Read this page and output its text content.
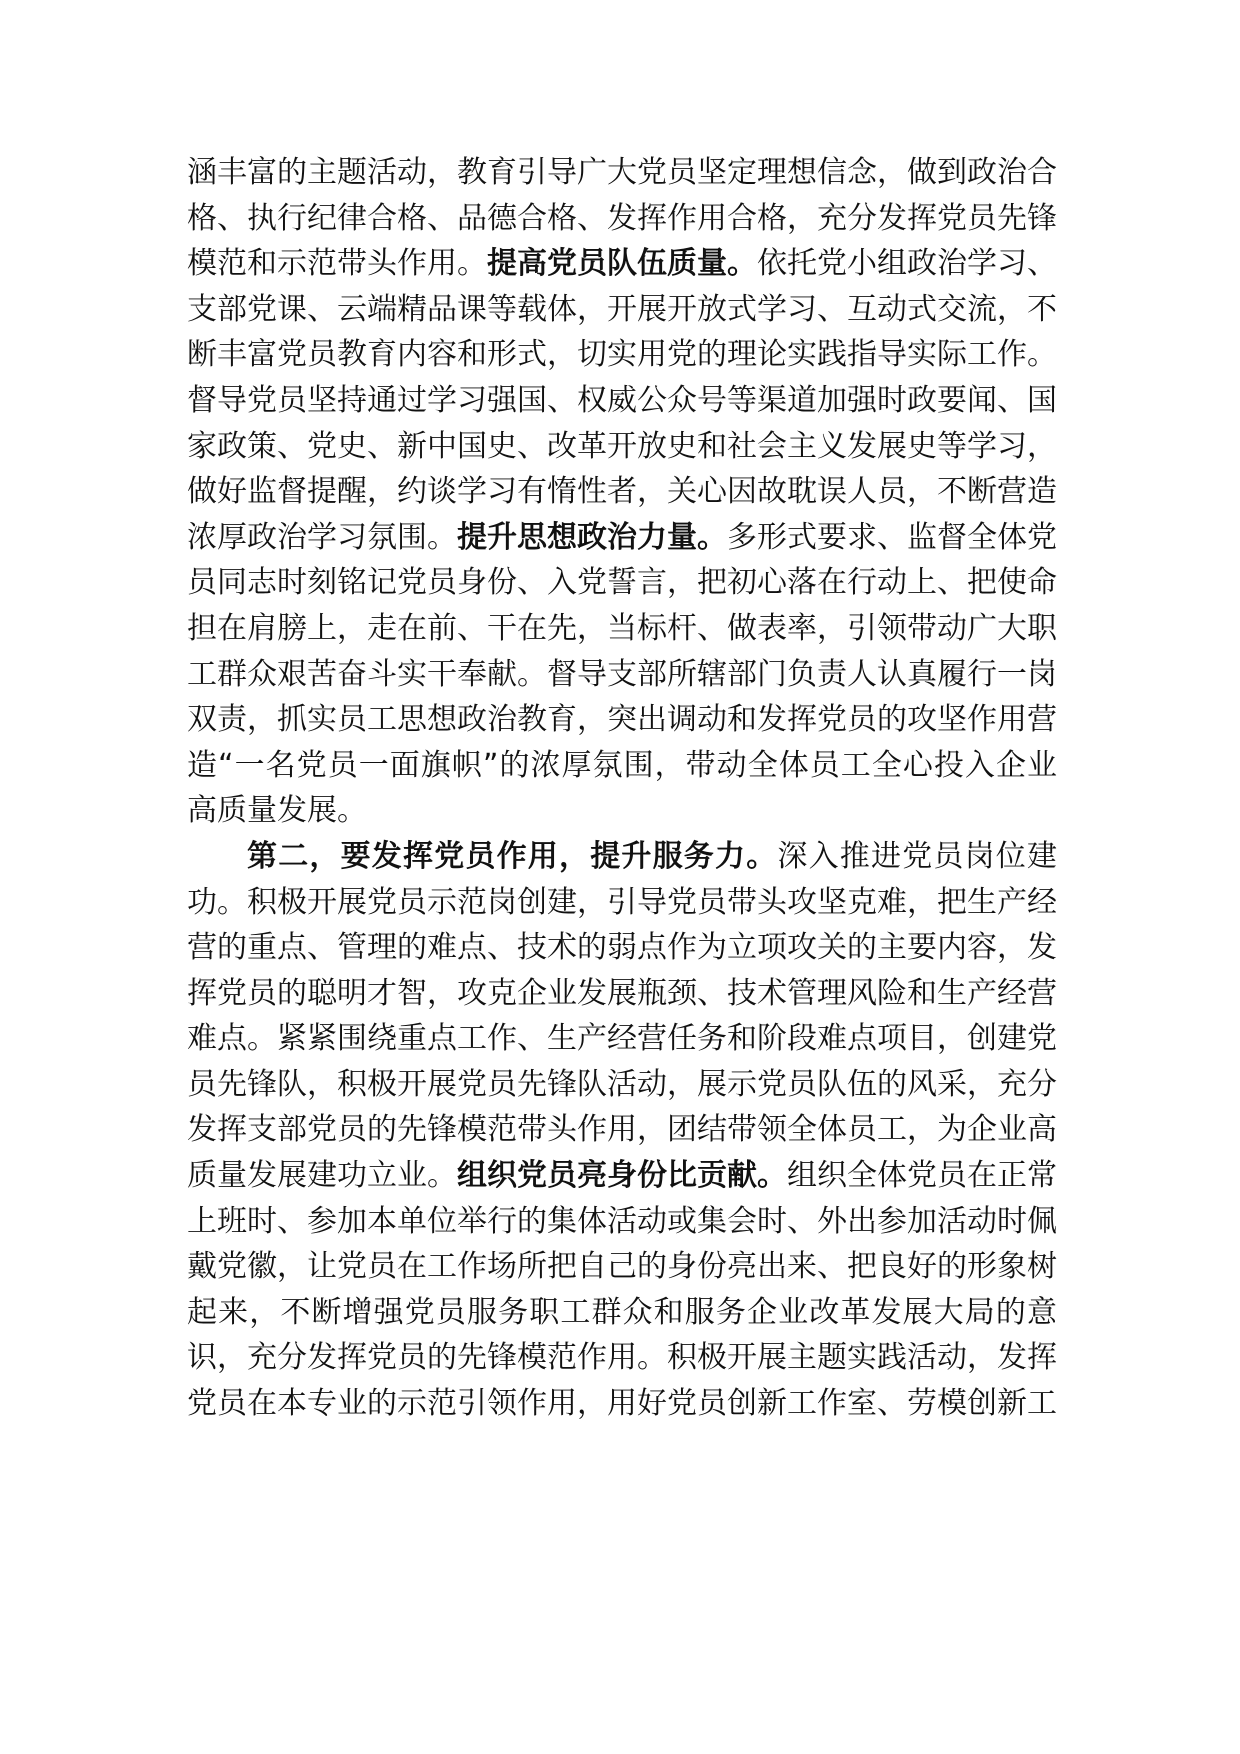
涵丰富的主题活动，教育引导广大党员坚定理想信念，做到政治合格、执行纪律合格、品德合格、发挥作用合格，充分发挥党员先锋模范和示范带头作用。提高党员队伍质量。依托党小组政治学习、支部党课、云端精品课等载体，开展开放式学习、互动式交流，不断丰富党员教育内容和形式，切实用党的理论实践指导实际工作。督导党员坚持通过学习强国、权威公众号等渠道加强时政要闻、国家政策、党史、新中国史、改革开放史和社会主义发展史等学习，做好监督提醒，约谈学习有惰性者，关心因故耽误人员，不断营造浓厚政治学习氛围。提升思想政治力量。多形式要求、监督全体党员同志时刻铭记党员身份、入党誓言，把初心落在行动上、把使命担在肩膀上，走在前、干在先，当标杆、做表率，引领带动广大职工群众艰苦奋斗实干奉献。督导支部所辖部门负责人认真履行一岗双责，抓实员工思想政治教育，突出调动和发挥党员的攻坚作用营造“一名党员一面旗帜”的浓厚氛围，带动全体员工全心投入企业高质量发展。

第二，要发挥党员作用，提升服务力。深入推进党员岗位建功。积极开展党员示范岗创建，引导党员带头攻坚克难，把生产经营的重点、管理的难点、技术的弱点作为立项攻关的主要内容，发挥党员的聪明才智，攻克企业发展瓶颈、技术管理风险和生产经营难点。紧紧围绕重点工作、生产经营任务和阶段难点项目，创建党员先锋队，积极开展党员先锋队活动，展示党员队伍的风采，充分发挥支部党员的先锋模范带头作用，团结带领全体员工，为企业高质量发展建功立业。组织党员亮身份比贡献。组织全体党员在正常上班时、参加本单位举行的集体活动或集会时、外出参加活动时佩戴党徽，让党员在工作场所把自己的身份亮出来、把良好的形象树起来，不断增强党员服务职工群众和服务企业改革发展大局的意识，充分发挥党员的先锋模范作用。积极开展主题实践活动，发挥党员在本专业的示范引领作用，用好党员创新工作室、劳模创新工
